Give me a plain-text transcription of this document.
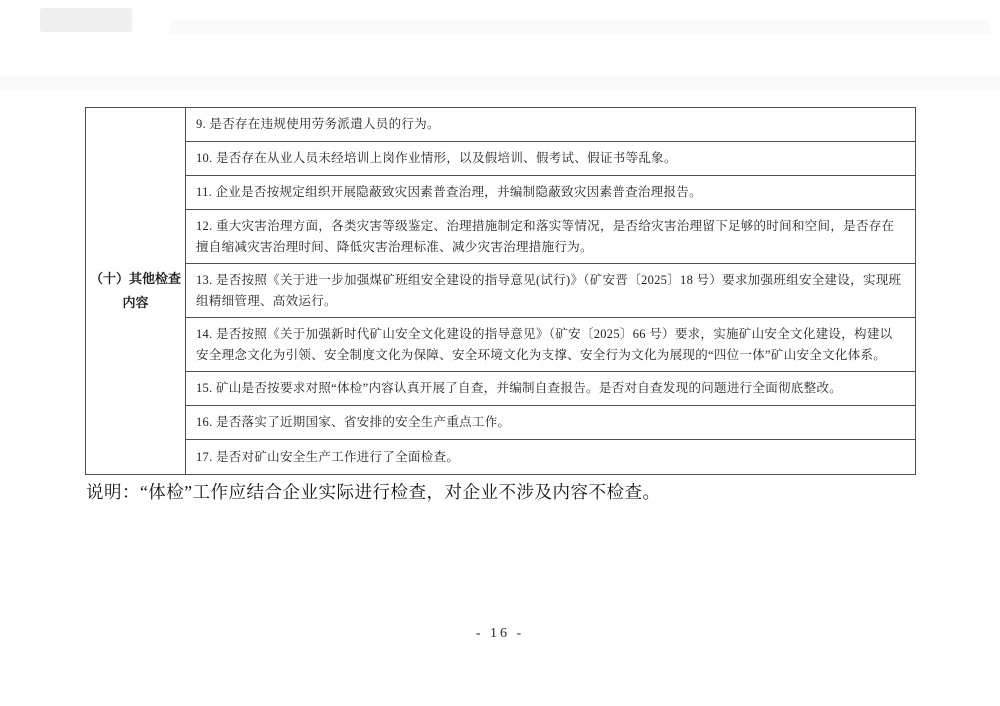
（十）其他检查
内容
9. 是否存在违规使用劳务派遣人员的行为。
10. 是否存在从业人员未经培训上岗作业情形，以及假培训、假考试、假证书等乱象。
11. 企业是否按规定组织开展隐蔽致灾因素普查治理，并编制隐蔽致灾因素普查治理报告。
12. 重大灾害治理方面，各类灾害等级鉴定、治理措施制定和落实等情况，是否给灾害治理留下足够的时间和空间，是否存在擅自缩减灾害治理时间、降低灾害治理标准、减少灾害治理措施行为。
13. 是否按照《关于进一步加强煤矿班组安全建设的指导意见(试行)》（矿安晋〔2025〕18 号）要求加强班组安全建设，实现班组精细管理、高效运行。
14. 是否按照《关于加强新时代矿山安全文化建设的指导意见》（矿安〔2025〕66 号）要求，实施矿山安全文化建设，构建以安全理念文化为引领、安全制度文化为保障、安全环境文化为支撑、安全行为文化为展现的“四位一体”矿山安全文化体系。
15. 矿山是否按要求对照“体检”内容认真开展了自查，并编制自查报告。是否对自查发现的问题进行全面彻底整改。
16. 是否落实了近期国家、省安排的安全生产重点工作。
17. 是否对矿山安全生产工作进行了全面检查。
说明：“体检”工作应结合企业实际进行检查，对企业不涉及内容不检查。
- 16 -
